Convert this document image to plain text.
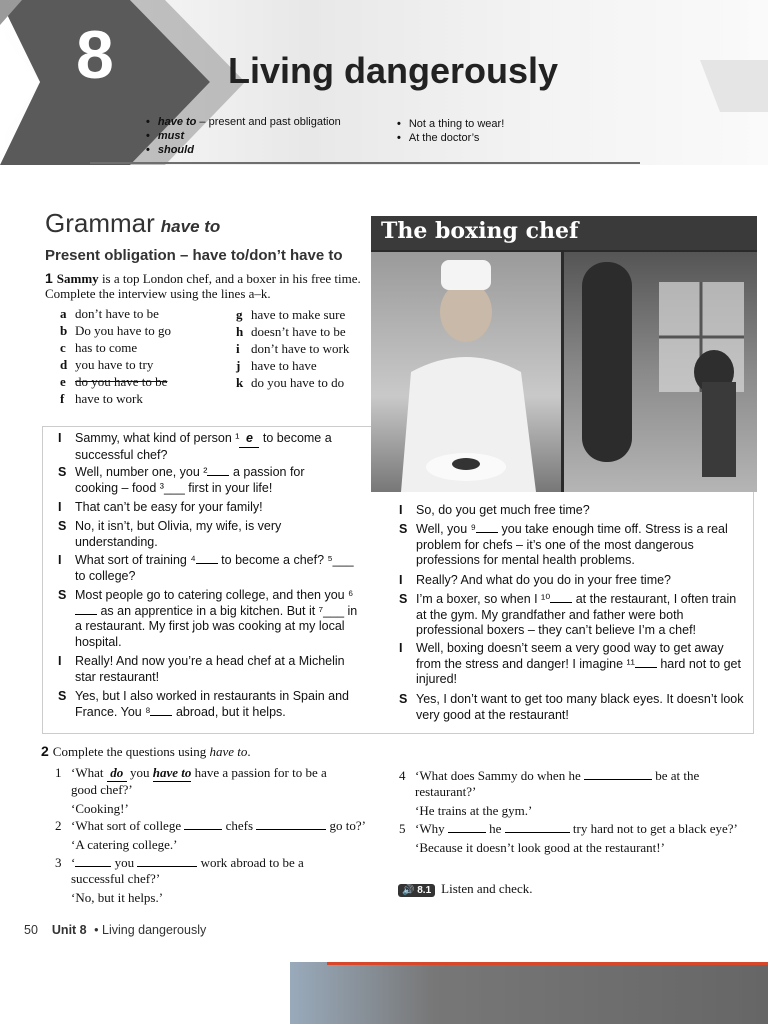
8	Living dangerously
• have to – present and past obligation
• must
• should
• Not a thing to wear!
• At the doctor’s
Grammar have to
Present obligation – have to/don’t have to
1 Sammy is a top London chef, and a boxer in his free time. Complete the interview using the lines a–k.
a don’t have to be
b Do you have to go
c has to come
d you have to try
e do you have to be
f have to work
g have to make sure
h doesn’t have to be
i don’t have to work
j have to have
k do you have to do
The boxing chef
I	Sammy, what kind of person ¹ e to become a successful chef?
S Well, number one, you ² a passion for cooking – food ³___ first in your life!
I	That can’t be easy for your family!
S No, it isn’t, but Olivia, my wife, is very understanding.
I	What sort of training ⁴ to become a chef? ⁵___ to college?
S Most people go to catering college, and then you ⁶ as an apprentice in a big kitchen. But it ⁷___ in a restaurant. My first job was cooking at my local hospital.
I	Really! And now you’re a head chef at a Michelin star restaurant!
S Yes, but I also worked in restaurants in Spain and France. You ⁸ abroad, but it helps.
I	So, do you get much free time?
S Well, you ⁹ you take enough time off. Stress is a real problem for chefs – it’s one of the most dangerous professions for mental health problems.
I	Really? And what do you do in your free time?
S I’m a boxer, so when I ¹⁰ at the restaurant, I often train at the gym. My grandfather and father were both professional boxers – they can’t believe I’m a chef!
I	Well, boxing doesn’t seem a very good way to get away from the stress and danger! I imagine ¹¹ hard not to get injured!
S Yes, I don’t want to get too many black eyes. It doesn’t look very good at the restaurant!
2 Complete the questions using have to.
1 ‘What do you have to have a passion for to be a good chef?’
‘Cooking!’
2 ‘What sort of college	chefs	go to?’
‘A catering college.’
3 ‘	you	work abroad to be a successful chef?’
‘No, but it helps.’
4 ‘What does Sammy do when he	be at the restaurant?’
‘He trains at the gym.’
5 ‘Why	he	try hard not to get a black eye?’
‘Because it doesn’t look good at the restaurant!’
🔊 8.1 Listen and check.
50 Unit 8 • Living dangerously
